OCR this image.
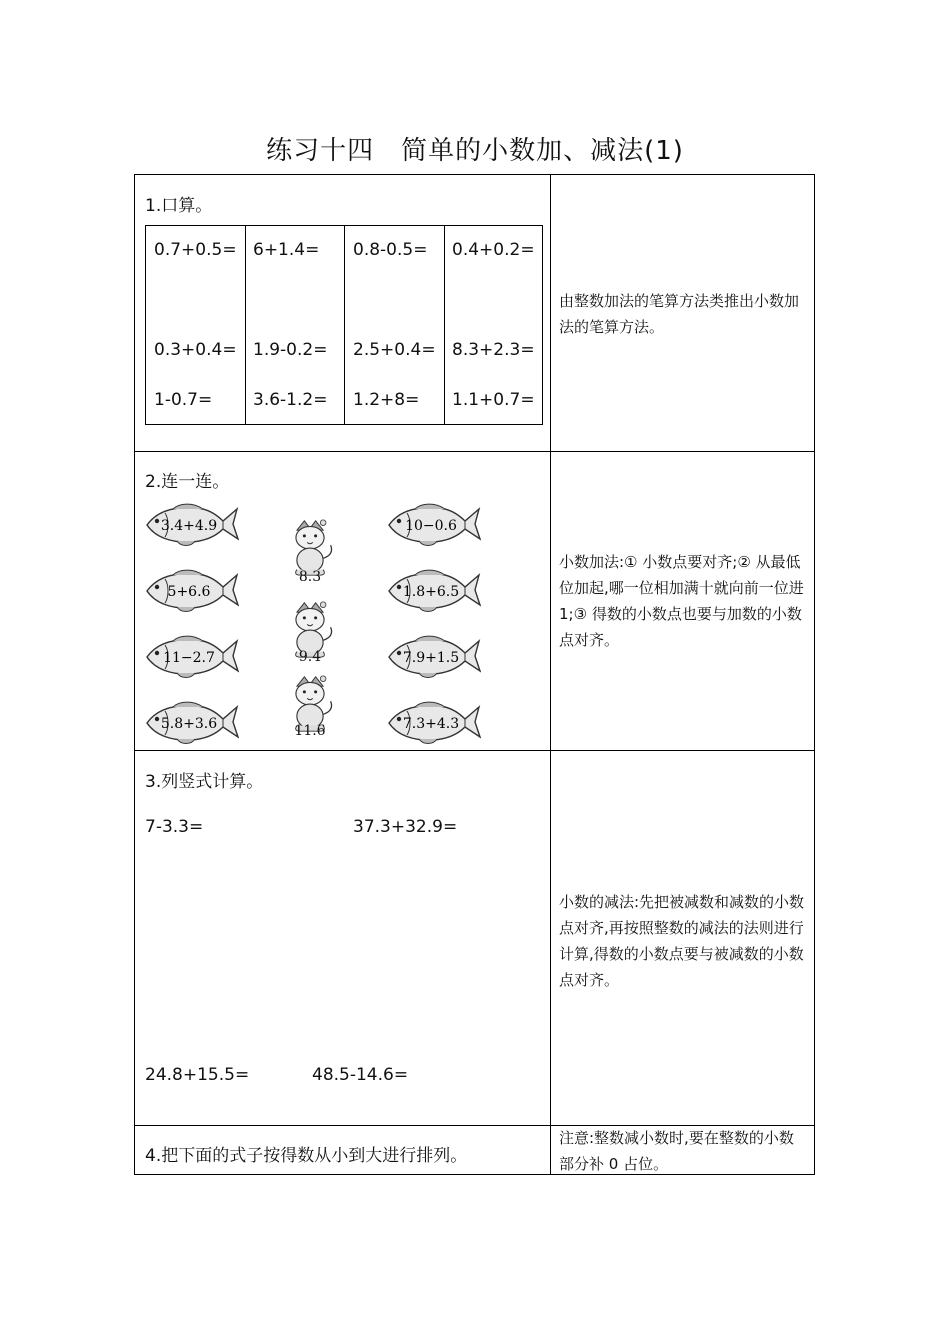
练习十四　简单的小数加、减法(1)
1.口算。
0.7+0.5= 6+1.4= 0.8-0.5= 0.4+0.2=
0.3+0.4= 1.9-0.2= 2.5+0.4= 8.3+2.3=
1-0.7= 3.6-1.2= 1.2+8= 1.1+0.7=
由整数加法的笔算方法类推出小数加法的笔算方法。
2.连一连。
3.4+4.9
5+6.6
11−2.7
5.8+3.6
10−0.6
1.8+6.5
7.9+1.5
7.3+4.3
8.3
9.4
11.6
小数加法:① 小数点要对齐;② 从最低位加起,哪一位相加满十就向前一位进 1;③ 得数的小数点也要与加数的小数点对齐。
3.列竖式计算。
7-3.3=	37.3+32.9=
24.8+15.5=	48.5-14.6=
小数的减法:先把被减数和减数的小数点对齐,再按照整数的减法的法则进行计算,得数的小数点要与被减数的小数点对齐。
4.把下面的式子按得数从小到大进行排列。
注意:整数减小数时,要在整数的小数部分补 0 占位。
